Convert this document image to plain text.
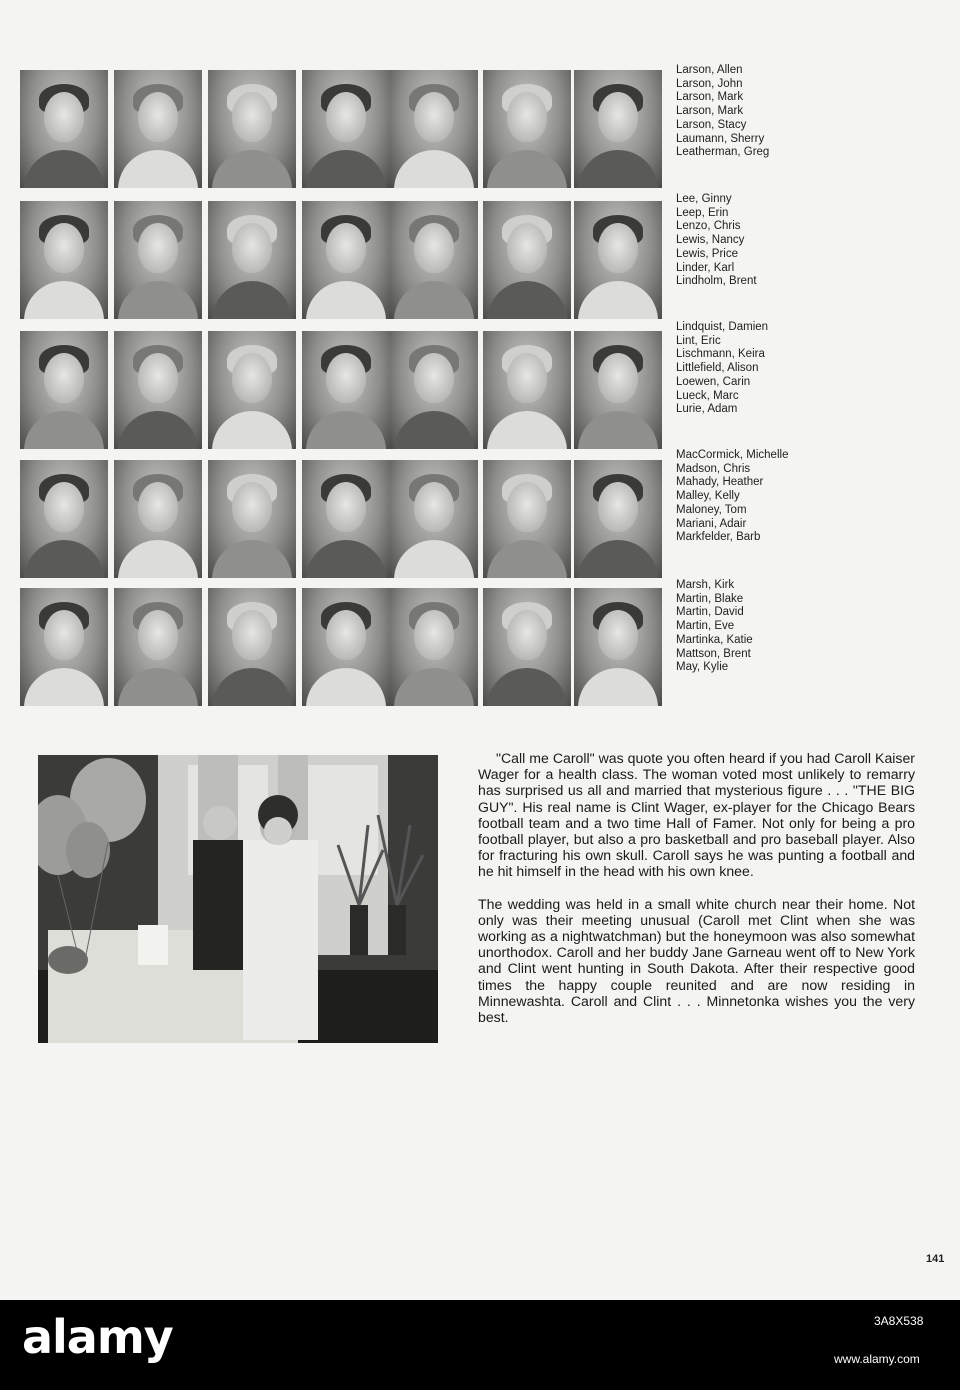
Larson, Allen
Larson, John
Larson, Mark
Larson, Mark
Larson, Stacy
Laumann, Sherry
Leatherman, Greg
Lee, Ginny
Leep, Erin
Lenzo, Chris
Lewis, Nancy
Lewis, Price
Linder, Karl
Lindholm, Brent
Lindquist, Damien
Lint, Eric
Lischmann, Keira
Littlefield, Alison
Loewen, Carin
Lueck, Marc
Lurie, Adam
MacCormick, Michelle
Madson, Chris
Mahady, Heather
Malley, Kelly
Maloney, Tom
Mariani, Adair
Markfelder, Barb
Marsh, Kirk
Martin, Blake
Martin, David
Martin, Eve
Martinka, Katie
Mattson, Brent
May, Kylie

"Call me Caroll" was quote you often heard if you had Caroll Kaiser Wager for a health class. The woman voted most unlikely to remarry has surprised us all and married that mysterious figure . . . "THE BIG GUY". His real name is Clint Wager, ex-player for the Chicago Bears football team and a two time Hall of Famer. Not only for being a pro football player, but also a pro basketball and pro baseball player. Also for fracturing his own skull. Caroll says he was punting a football and he hit himself in the head with his own knee.

The wedding was held in a small white church near their home. Not only was their meeting unusual (Caroll met Clint when she was working as a nightwatchman) but the honeymoon was also somewhat unorthodox. Caroll and her buddy Jane Garneau went off to New York and Clint went hunting in South Dakota. After their respective good times the happy couple reunited and are now residing in Minnewashta. Caroll and Clint . . . Minnetonka wishes you the very best.

141
alamy	3A8X538
www.alamy.com
